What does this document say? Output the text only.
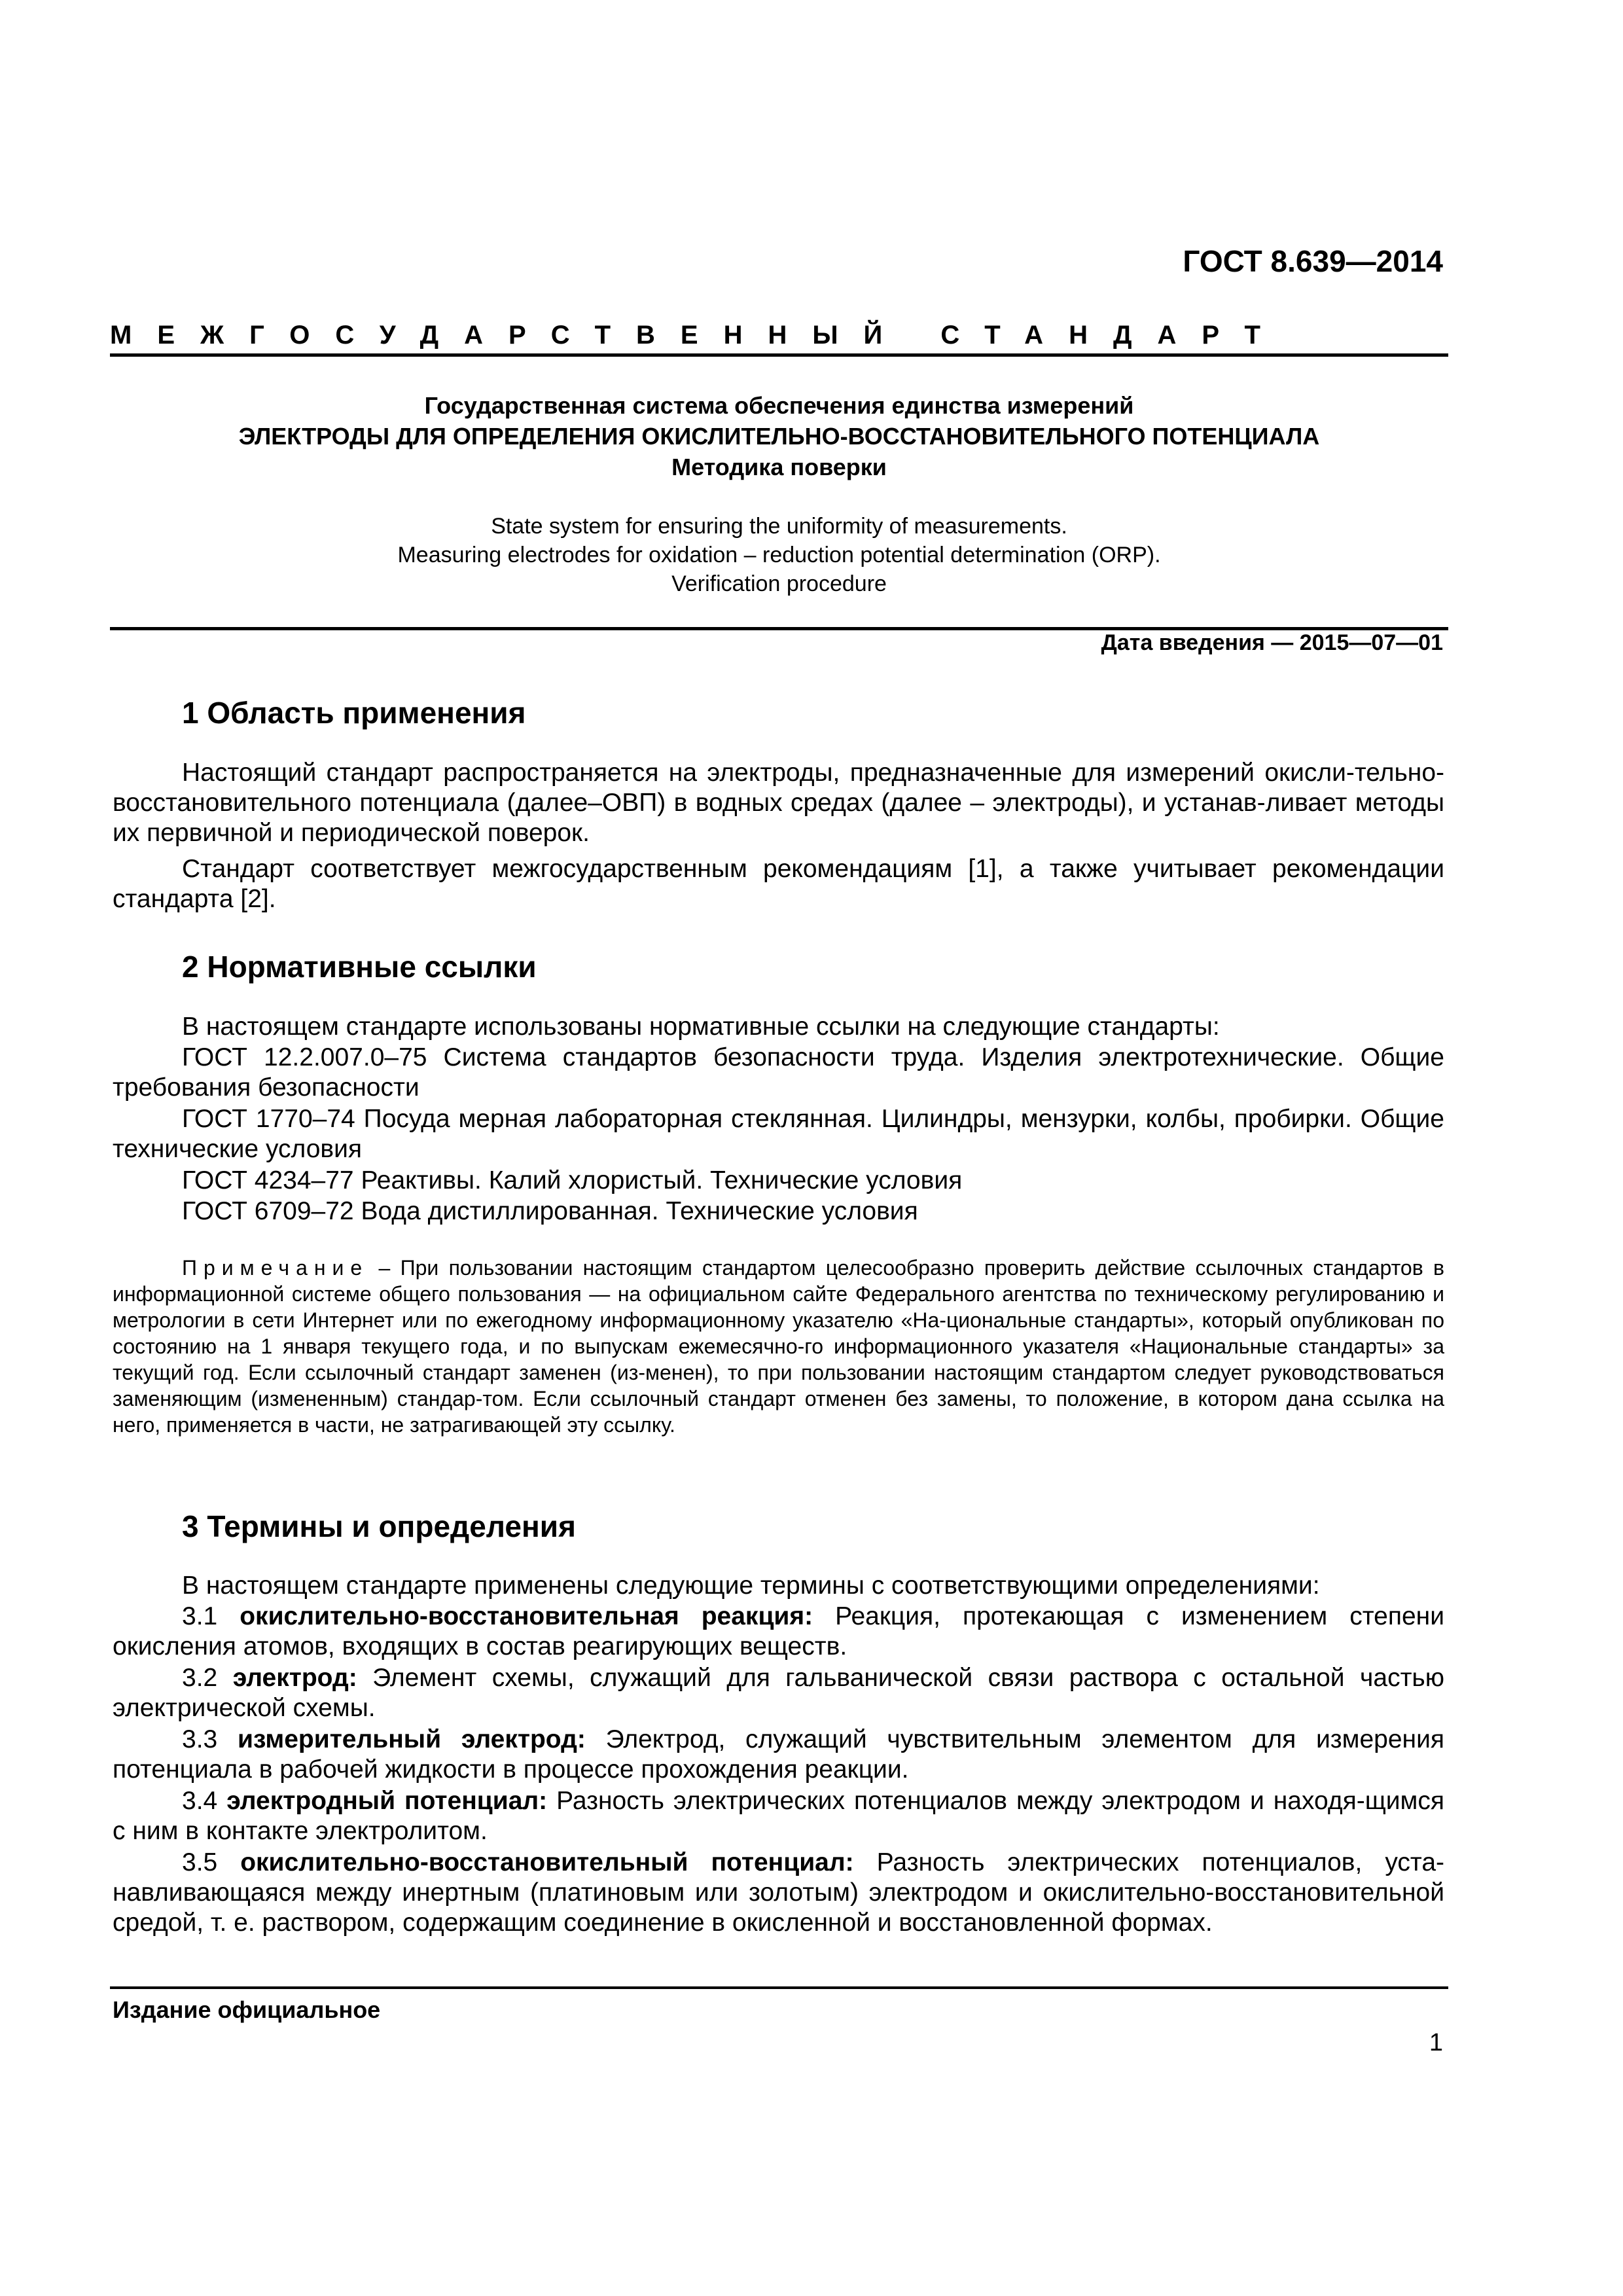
ГОСТ 8.639—2014
МЕЖГОСУДАРСТВЕННЫЙ СТАНДАРТ
Государственная система обеспечения единства измерений
ЭЛЕКТРОДЫ ДЛЯ ОПРЕДЕЛЕНИЯ ОКИСЛИТЕЛЬНО-ВОССТАНОВИТЕЛЬНОГО ПОТЕНЦИАЛА
Методика поверки
State system for ensuring the uniformity of measurements.
Measuring electrodes for oxidation – reduction potential determination (ORP).
Verification procedure
Дата введения — 2015—07—01
1 Область применения

Настоящий стандарт распространяется на электроды, предназначенные для измерений окисли-тельно-восстановительного потенциала (далее–ОВП) в водных средах (далее – электроды), и устанав-ливает методы их первичной и периодической поверок.

Стандарт соответствует межгосударственным рекомендациям [1], а также учитывает рекомендации стандарта [2].

2 Нормативные ссылки

В настоящем стандарте использованы нормативные ссылки на следующие стандарты:

ГОСТ 12.2.007.0–75 Система стандартов безопасности труда. Изделия электротехнические. Общие требования безопасности

ГОСТ 1770–74 Посуда мерная лабораторная стеклянная. Цилиндры, мензурки, колбы, пробирки. Общие технические условия

ГОСТ 4234–77 Реактивы. Калий хлористый. Технические условия

ГОСТ 6709–72 Вода дистиллированная. Технические условия

Примечание – При пользовании настоящим стандартом целесообразно проверить действие ссылочных стандартов в информационной системе общего пользования — на официальном сайте Федерального агентства по техническому регулированию и метрологии в сети Интернет или по ежегодному информационному указателю «На-циональные стандарты», который опубликован по состоянию на 1 января текущего года, и по выпускам ежемесячно-го информационного указателя «Национальные стандарты» за текущий год. Если ссылочный стандарт заменен (из-менен), то при пользовании настоящим стандартом следует руководствоваться заменяющим (измененным) стандар-том. Если ссылочный стандарт отменен без замены, то положение, в котором дана ссылка на него, применяется в части, не затрагивающей эту ссылку.

3 Термины и определения

В настоящем стандарте применены следующие термины с соответствующими определениями:

3.1 окислительно-восстановительная реакция: Реакция, протекающая с изменением степени окисления атомов, входящих в состав реагирующих веществ.

3.2 электрод: Элемент схемы, служащий для гальванической связи раствора с остальной частью электрической схемы.

3.3 измерительный электрод: Электрод, служащий чувствительным элементом для измерения потенциала в рабочей жидкости в процессе прохождения реакции.

3.4 электродный потенциал: Разность электрических потенциалов между электродом и находя-щимся с ним в контакте электролитом.

3.5 окислительно-восстановительный потенциал: Разность электрических потенциалов, уста-навливающаяся между инертным (платиновым или золотым) электродом и окислительно-восстановительной средой, т. е. раствором, содержащим соединение в окисленной и восстановленной формах.

Издание официальное
1
